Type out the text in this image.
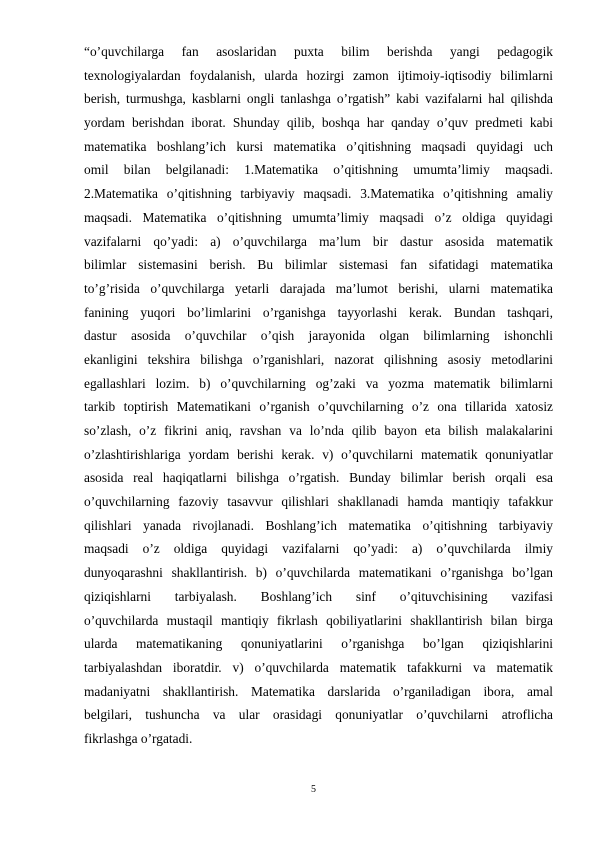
“o’quvchilarga fan asoslaridan puxta bilim berishda yangi pedagogik
texnologiyalardan foydalanish, ularda hozirgi zamon ijtimoiy-iqtisodiy bilimlarni
berish, turmushga, kasblarni ongli tanlashga o’rgatish” kabi vazifalarni hal qilishda
yordam berishdan iborat. Shunday qilib, boshqa har qanday o’quv predmeti kabi
matematika boshlang’ich kursi matematika o’qitishning maqsadi quyidagi uch
omil bilan belgilanadi: 1.Matematika o’qitishning umumta’limiy maqsadi.
2.Matematika o’qitishning tarbiyaviy maqsadi. 3.Matematika o’qitishning amaliy
maqsadi. Matematika o’qitishning umumta’limiy maqsadi o’z oldiga quyidagi
vazifalarni qo’yadi: a) o’quvchilarga ma’lum bir dastur asosida matematik
bilimlar sistemasini berish. Bu bilimlar sistemasi fan sifatidagi matematika
to’g’risida o’quvchilarga yetarli darajada ma’lumot berishi, ularni matematika
fanining yuqori bo’limlarini o’rganishga tayyorlashi kerak. Bundan tashqari,
dastur asosida o’quvchilar o’qish jarayonida olgan bilimlarning ishonchli
ekanligini tekshira bilishga o’rganishlari, nazorat qilishning asosiy metodlarini
egallashlari lozim. b) o’quvchilarning og’zaki va yozma matematik bilimlarni
tarkib toptirish Matematikani o’rganish o’quvchilarning o’z ona tillarida xatosiz
so’zlash, o’z fikrini aniq, ravshan va lo’nda qilib bayon eta bilish malakalarini
o’zlashtirishlariga yordam berishi kerak. v) o’quvchilarni matematik qonuniyatlar
asosida real haqiqatlarni bilishga o’rgatish. Bunday bilimlar berish orqali esa
o’quvchilarning fazoviy tasavvur qilishlari shakllanadi hamda mantiqiy tafakkur
qilishlari yanada rivojlanadi. Boshlang’ich matematika o’qitishning tarbiyaviy
maqsadi o’z oldiga quyidagi vazifalarni qo’yadi: a) o’quvchilarda ilmiy
dunyoqarashni shakllantirish. b) o’quvchilarda matematikani o’rganishga bo’lgan
qiziqishlarni tarbiyalash. Boshlang’ich sinf o’qituvchisining vazifasi
o’quvchilarda mustaqil mantiqiy fikrlash qobiliyatlarini shakllantirish bilan birga
ularda matematikaning qonuniyatlarini o’rganishga bo’lgan qiziqishlarini
tarbiyalashdan iboratdir. v) o’quvchilarda matematik tafakkurni va matematik
madaniyatni shakllantirish. Matematika darslarida o’rganiladigan ibora, amal
belgilari, tushuncha va ular orasidagi qonuniyatlar o’quvchilarni atroflicha
fikrlashga o’rgatadi.
5
